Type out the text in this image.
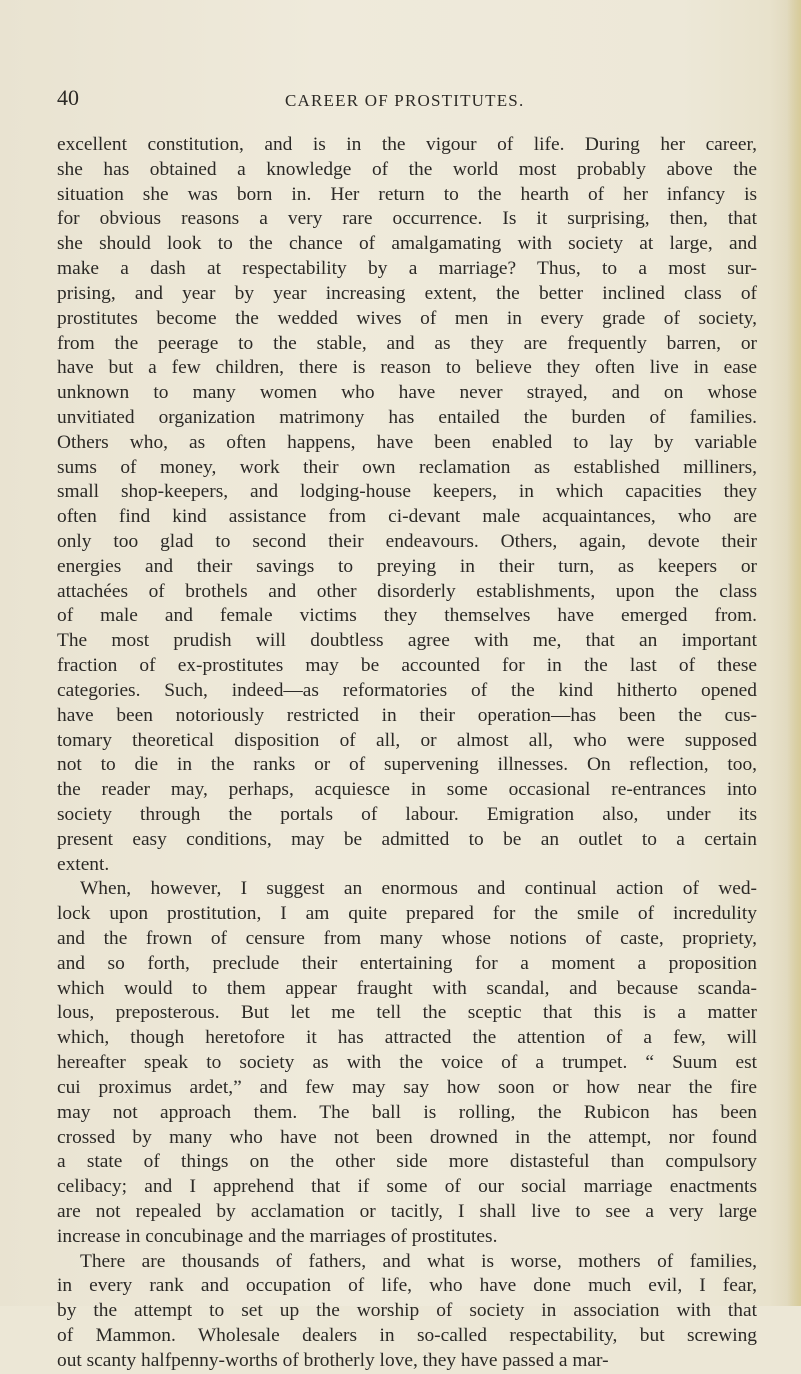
40	CAREER OF PROSTITUTES.
excellent constitution, and is in the vigour of life. During her career,
she has obtained a knowledge of the world most probably above the
situation she was born in. Her return to the hearth of her infancy is
for obvious reasons a very rare occurrence. Is it surprising, then, that
she should look to the chance of amalgamating with society at large, and
make a dash at respectability by a marriage? Thus, to a most sur-
prising, and year by year increasing extent, the better inclined class of
prostitutes become the wedded wives of men in every grade of society,
from the peerage to the stable, and as they are frequently barren, or
have but a few children, there is reason to believe they often live in ease
unknown to many women who have never strayed, and on whose
unvitiated organization matrimony has entailed the burden of families.
Others who, as often happens, have been enabled to lay by variable
sums of money, work their own reclamation as established milliners,
small shop-keepers, and lodging-house keepers, in which capacities they
often find kind assistance from ci-devant male acquaintances, who are
only too glad to second their endeavours. Others, again, devote their
energies and their savings to preying in their turn, as keepers or
attachées of brothels and other disorderly establishments, upon the class
of male and female victims they themselves have emerged from.
The most prudish will doubtless agree with me, that an important
fraction of ex-prostitutes may be accounted for in the last of these
categories. Such, indeed—as reformatories of the kind hitherto opened
have been notoriously restricted in their operation—has been the cus-
tomary theoretical disposition of all, or almost all, who were supposed
not to die in the ranks or of supervening illnesses. On reflection, too,
the reader may, perhaps, acquiesce in some occasional re-entrances into
society through the portals of labour. Emigration also, under its
present easy conditions, may be admitted to be an outlet to a certain
extent.
When, however, I suggest an enormous and continual action of wed-
lock upon prostitution, I am quite prepared for the smile of incredulity
and the frown of censure from many whose notions of caste, propriety,
and so forth, preclude their entertaining for a moment a proposition
which would to them appear fraught with scandal, and because scanda-
lous, preposterous. But let me tell the sceptic that this is a matter
which, though heretofore it has attracted the attention of a few, will
hereafter speak to society as with the voice of a trumpet. “ Suum est
cui proximus ardet,” and few may say how soon or how near the fire
may not approach them. The ball is rolling, the Rubicon has been
crossed by many who have not been drowned in the attempt, nor found
a state of things on the other side more distasteful than compulsory
celibacy; and I apprehend that if some of our social marriage enactments
are not repealed by acclamation or tacitly, I shall live to see a very large
increase in concubinage and the marriages of prostitutes.
There are thousands of fathers, and what is worse, mothers of families,
in every rank and occupation of life, who have done much evil, I fear,
by the attempt to set up the worship of society in association with that
of Mammon. Wholesale dealers in so-called respectability, but screwing
out scanty halfpenny-worths of brotherly love, they have passed a mar-
